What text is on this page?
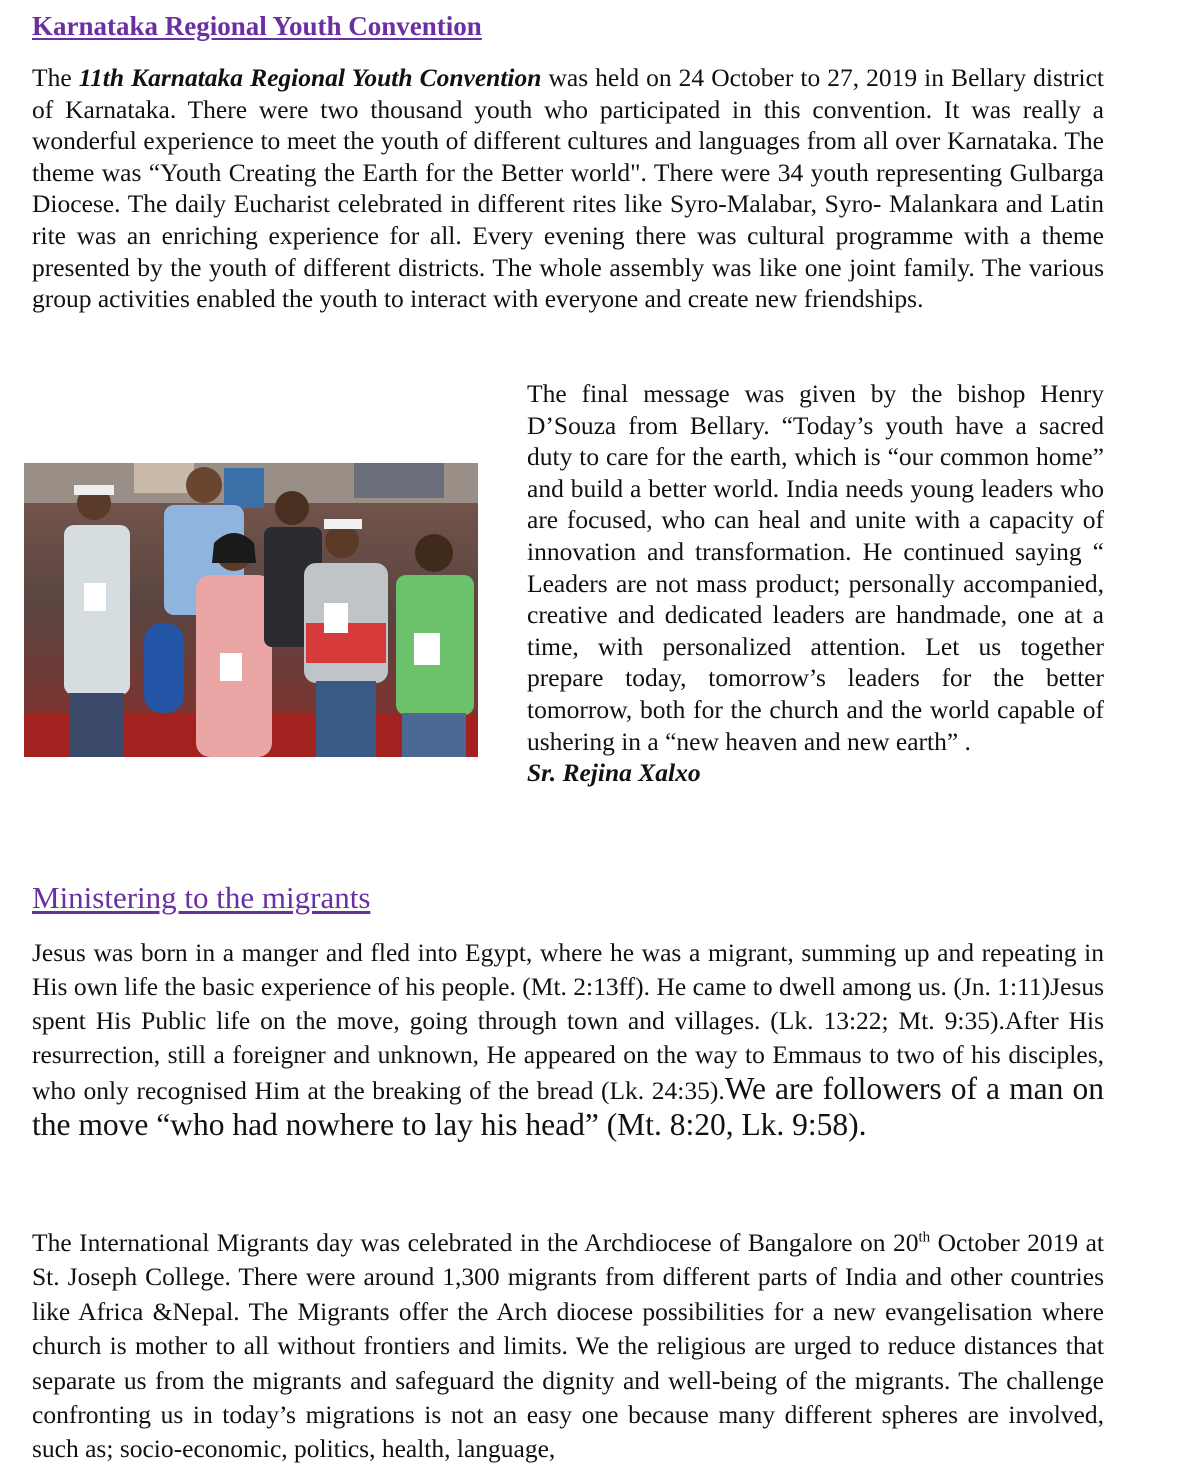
Karnataka Regional Youth Convention
The 11th Karnataka Regional Youth Convention was held on 24 October to 27, 2019 in Bellary district of Karnataka. There were two thousand youth who participated in this convention. It was really a wonderful experience to meet the youth of different cultures and languages from all over Karnataka. The theme was “Youth Creating the Earth for the Better world". There were 34 youth representing Gulbarga Diocese. The daily Eucharist celebrated in different rites like Syro-Malabar, Syro- Malankara and Latin rite was an enriching experience for all. Every evening there was cultural programme with a theme presented by the youth of different districts. The whole assembly was like one joint family. The various group activities enabled the youth to interact with everyone and create new friendships.
The final message was given by the bishop Henry D’Souza from Bellary. “Today’s youth have a sacred duty to care for the earth, which is “our common home” and build a better world. India needs young leaders who are focused, who can heal and unite with a capacity of innovation and transformation. He continued saying “ Leaders are not mass product; personally accompanied, creative and dedicated leaders are handmade, one at a time, with personalized attention. Let us together prepare today, tomorrow’s leaders for the better tomorrow, both for the church and the world capable of ushering in a “new heaven and new earth” .
Sr. Rejina Xalxo
Ministering to the migrants
Jesus was born in a manger and fled into Egypt, where he was a migrant, summing up and repeating in His own life the basic experience of his people. (Mt. 2:13ff). He came to dwell among us. (Jn. 1:11)Jesus spent His Public life on the move, going through town and villages. (Lk. 13:22; Mt. 9:35).After His resurrection, still a foreigner and unknown, He appeared on the way to Emmaus to two of his disciples, who only recognised Him at the breaking of the bread (Lk. 24:35).We are followers of a man on the move “who had nowhere to lay his head” (Mt. 8:20, Lk. 9:58).
The International Migrants day was celebrated in the Archdiocese of Bangalore on 20th October 2019 at St. Joseph College. There were around 1,300 migrants from different parts of India and other countries like Africa &Nepal. The Migrants offer the Arch diocese possibilities for a new evangelisation where church is mother to all without frontiers and limits. We the religious are urged to reduce distances that separate us from the migrants and safeguard the dignity and well-being of the migrants. The challenge confronting us in today’s migrations is not an easy one because many different spheres are involved, such as; socio-economic, politics, health, language,
